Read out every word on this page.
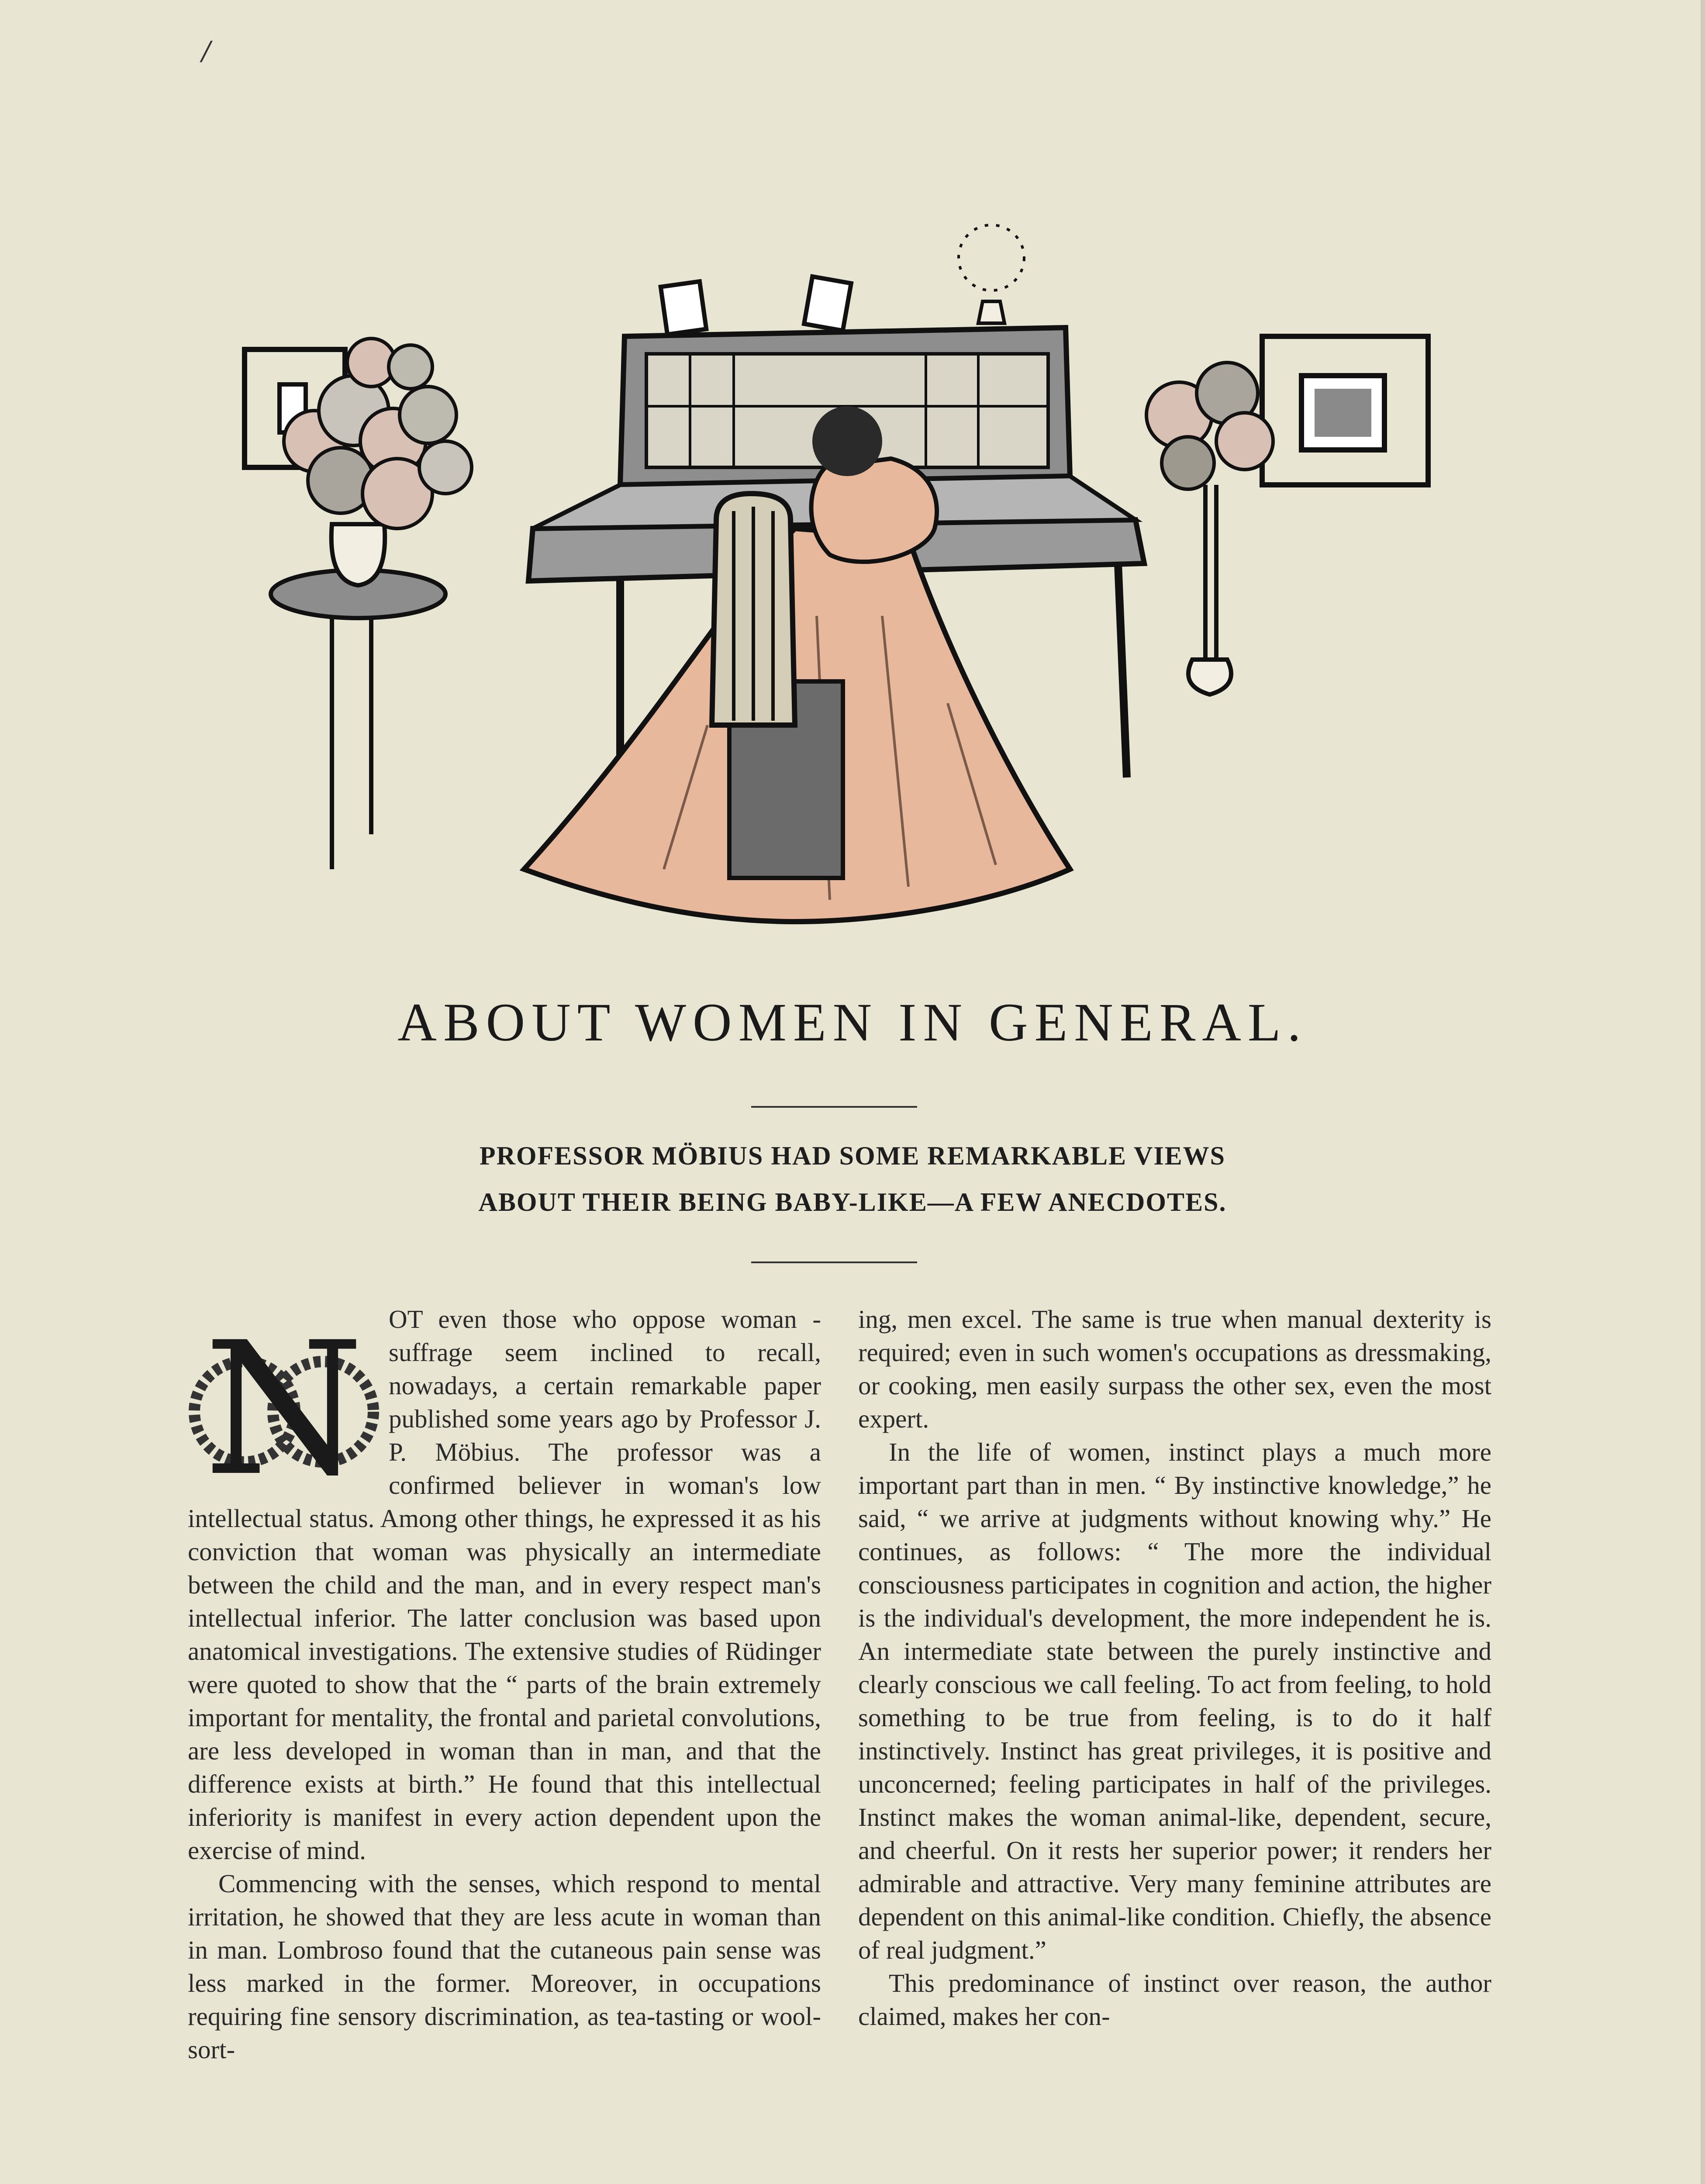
/
ABOUT WOMEN IN GENERAL.
PROFESSOR MÖBIUS HAD SOME REMARKABLE VIEWS
ABOUT THEIR BEING BABY-LIKE—A FEW ANECDOTES.
N OT even those who oppose woman - suffrage seem inclined to recall, nowadays, a certain remarkable paper published some years ago by Professor J. P. Möbius. The professor was a confirmed believer in woman's low intellectual status. Among other things, he expressed it as his conviction that woman was physically an intermediate between the child and the man, and in every respect man's intellectual inferior. The latter conclusion was based upon anatomical investigations. The extensive studies of Rüdinger were quoted to show that the “ parts of the brain extremely important for mentality, the frontal and parietal convolutions, are less developed in woman than in man, and that the difference exists at birth.” He found that this intellectual inferiority is manifest in every action dependent upon the exercise of mind.

Commencing with the senses, which respond to mental irritation, he showed that they are less acute in woman than in man. Lombroso found that the cutaneous pain sense was less marked in the former. Moreover, in occupations requiring fine sensory discrimination, as tea-tasting or wool-sort-

ing, men excel. The same is true when manual dexterity is required; even in such women's occupations as dressmaking, or cooking, men easily surpass the other sex, even the most expert.

In the life of women, instinct plays a much more important part than in men. “ By instinctive knowledge,” he said, “ we arrive at judgments without knowing why.” He continues, as follows: “ The more the individual consciousness participates in cognition and action, the higher is the individual's development, the more independent he is. An intermediate state between the purely instinctive and clearly conscious we call feeling. To act from feeling, to hold something to be true from feeling, is to do it half instinctively. Instinct has great privileges, it is positive and unconcerned; feeling participates in half of the privileges. Instinct makes the woman animal-like, dependent, secure, and cheerful. On it rests her superior power; it renders her admirable and attractive. Very many feminine attributes are dependent on this animal-like condition. Chiefly, the absence of real judgment.”

This predominance of instinct over reason, the author claimed, makes her con-
